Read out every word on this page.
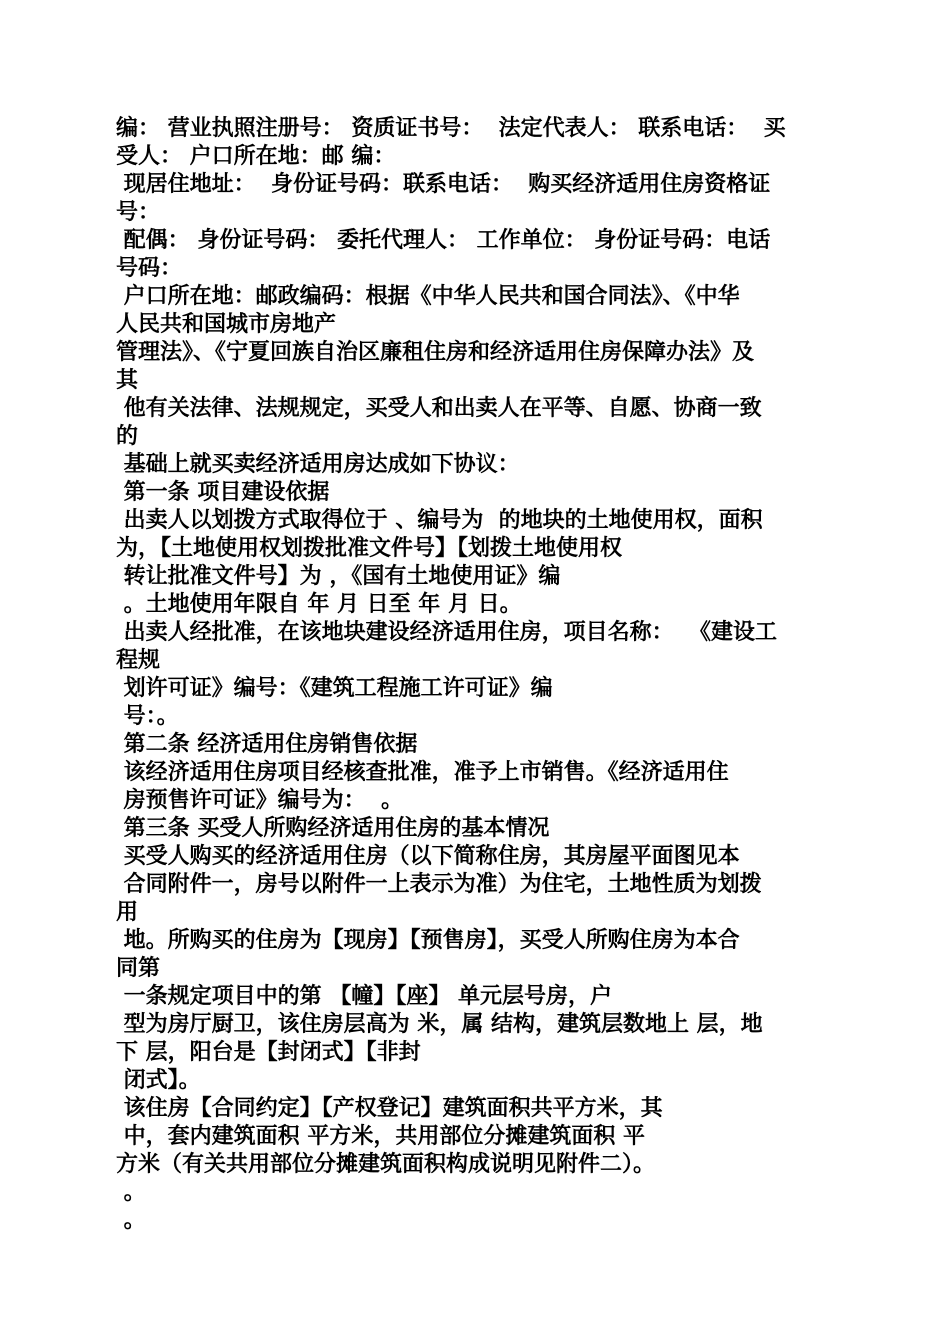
编： 营业执照注册号： 资质证书号：  法定代表人： 联系电话：  买
受人： 户口所在地：邮 编：
现居住地址：  身份证号码：联系电话：  购买经济适用住房资格证
号：
配偶： 身份证号码： 委托代理人： 工作单位： 身份证号码：电话
号码：
户口所在地：邮政编码：根据《中华人民共和国合同法》、《中华
人民共和国城市房地产
管理法》、《宁夏回族自治区廉租住房和经济适用住房保障办法》及
其
他有关法律、法规规定，买受人和出卖人在平等、自愿、协商一致
的
基础上就买卖经济适用房达成如下协议：
第一条 项目建设依据
出卖人以划拨方式取得位于 、编号为  的地块的土地使用权，面积
为，【土地使用权划拨批准文件号】【划拨土地使用权
转让批准文件号】为 ，《国有土地使用证》编
。土地使用年限自 年 月 日至 年 月 日。
出卖人经批准，在该地块建设经济适用住房，项目名称：  《建设工
程规
划许可证》编号：《建筑工程施工许可证》编
号：。
第二条 经济适用住房销售依据
该经济适用住房项目经核查批准，准予上市销售。《经济适用住
房预售许可证》编号为：  。
第三条 买受人所购经济适用住房的基本情况
买受人购买的经济适用住房（以下简称住房，其房屋平面图见本
合同附件一，房号以附件一上表示为准）为住宅，土地性质为划拨
用
地。所购买的住房为【现房】【预售房】，买受人所购住房为本合
同第
一条规定项目中的第 【幢】【座】 单元层号房，户
型为房厅厨卫，该住房层高为 米，属 结构，建筑层数地上 层，地
下 层，阳台是【封闭式】【非封
闭式】。
该住房【合同约定】【产权登记】建筑面积共平方米，其
中，套内建筑面积 平方米，共用部位分摊建筑面积 平
方米（有关共用部位分摊建筑面积构成说明见附件二）。
。
。
